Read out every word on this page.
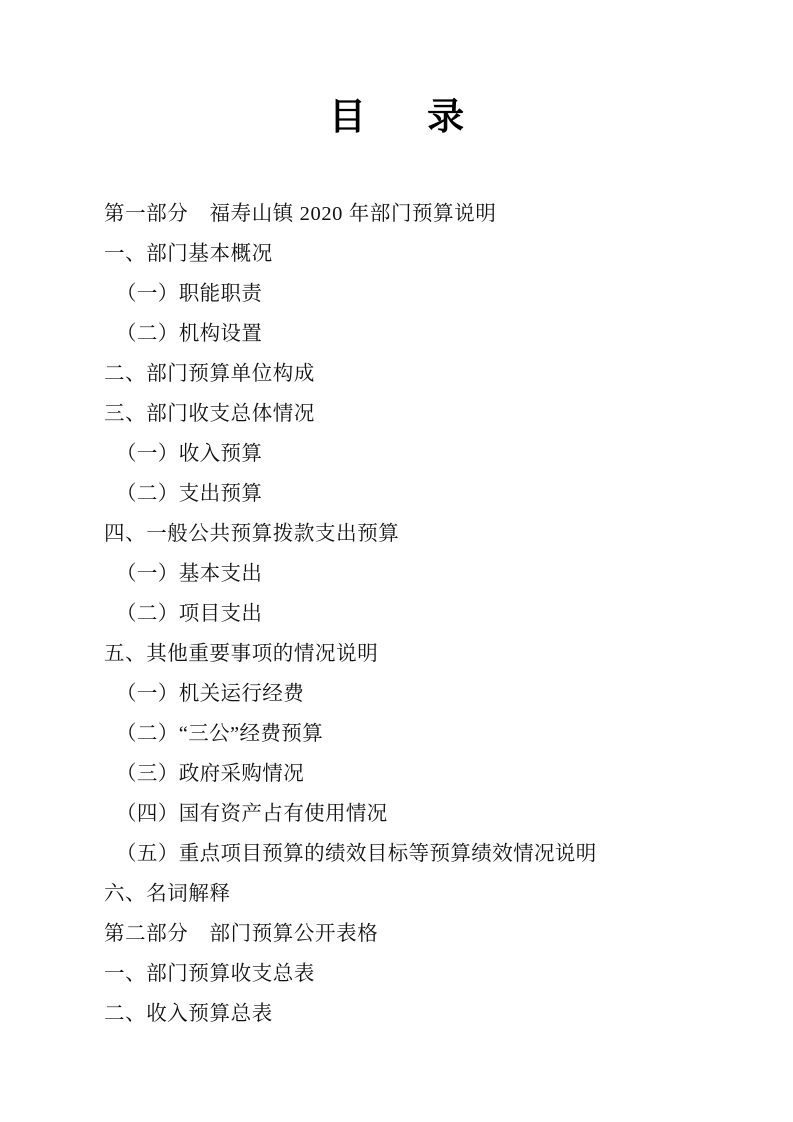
目 录
第一部分　福寿山镇 2020 年部门预算说明
一、部门基本概况
（一）职能职责
（二）机构设置
二、部门预算单位构成
三、部门收支总体情况
（一）收入预算
（二）支出预算
四、一般公共预算拨款支出预算
（一）基本支出
（二）项目支出
五、其他重要事项的情况说明
（一）机关运行经费
（二）“三公”经费预算
（三）政府采购情况
（四）国有资产占有使用情况
（五）重点项目预算的绩效目标等预算绩效情况说明
六、名词解释
第二部分　部门预算公开表格
一、部门预算收支总表
二、收入预算总表
